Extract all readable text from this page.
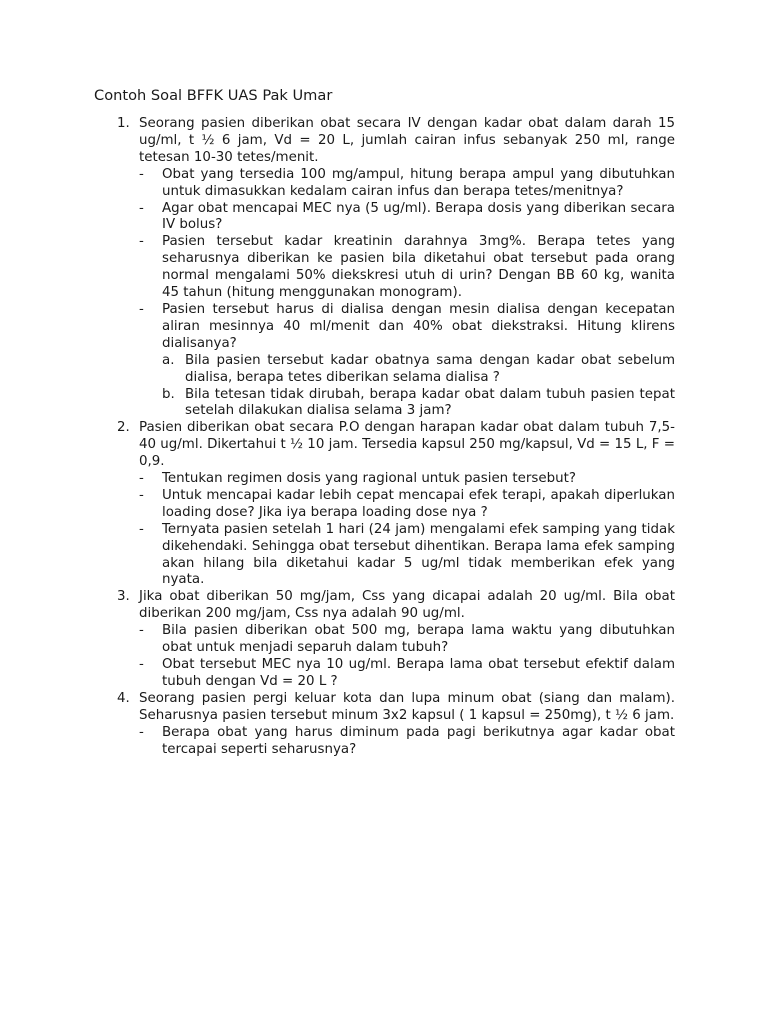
Contoh Soal BFFK UAS Pak Umar
1. Seorang pasien diberikan obat secara IV dengan kadar obat dalam darah 15 ug/ml, t ½ 6 jam, Vd = 20 L, jumlah cairan infus sebanyak 250 ml, range tetesan 10-30 tetes/menit.
- Obat yang tersedia 100 mg/ampul, hitung berapa ampul yang dibutuhkan untuk dimasukkan kedalam cairan infus dan berapa tetes/menitnya?
- Agar obat mencapai MEC nya (5 ug/ml). Berapa dosis yang diberikan secara IV bolus?
- Pasien tersebut kadar kreatinin darahnya 3mg%. Berapa tetes yang seharusnya diberikan ke pasien bila diketahui obat tersebut pada orang normal mengalami 50% diekskresi utuh di urin? Dengan BB 60 kg, wanita 45 tahun (hitung menggunakan monogram).
- Pasien tersebut harus di dialisa dengan mesin dialisa dengan kecepatan aliran mesinnya 40 ml/menit dan 40% obat diekstraksi. Hitung klirens dialisanya?
a. Bila pasien tersebut kadar obatnya sama dengan kadar obat sebelum dialisa, berapa tetes diberikan selama dialisa ?
b. Bila tetesan tidak dirubah, berapa kadar obat dalam tubuh pasien tepat setelah dilakukan dialisa selama 3 jam?
2. Pasien diberikan obat secara P.O dengan harapan kadar obat dalam tubuh 7,5-40 ug/ml. Dikertahui t ½ 10 jam. Tersedia kapsul 250 mg/kapsul, Vd = 15 L, F = 0,9.
- Tentukan regimen dosis yang ragional untuk pasien tersebut?
- Untuk mencapai kadar lebih cepat mencapai efek terapi, apakah diperlukan loading dose? Jika iya berapa loading dose nya ?
- Ternyata pasien setelah 1 hari (24 jam) mengalami efek samping yang tidak dikehendaki. Sehingga obat tersebut dihentikan. Berapa lama efek samping akan hilang bila diketahui kadar 5 ug/ml tidak memberikan efek yang nyata.
3. Jika obat diberikan 50 mg/jam, Css yang dicapai adalah 20 ug/ml. Bila obat diberikan 200 mg/jam, Css nya adalah 90 ug/ml.
- Bila pasien diberikan obat 500 mg, berapa lama waktu yang dibutuhkan obat untuk menjadi separuh dalam tubuh?
- Obat tersebut MEC nya 10 ug/ml. Berapa lama obat tersebut efektif dalam tubuh dengan Vd = 20 L ?
4. Seorang pasien pergi keluar kota dan lupa minum obat (siang dan malam). Seharusnya pasien tersebut minum 3x2 kapsul ( 1 kapsul = 250mg), t ½ 6 jam.
- Berapa obat yang harus diminum pada pagi berikutnya agar kadar obat tercapai seperti seharusnya?
